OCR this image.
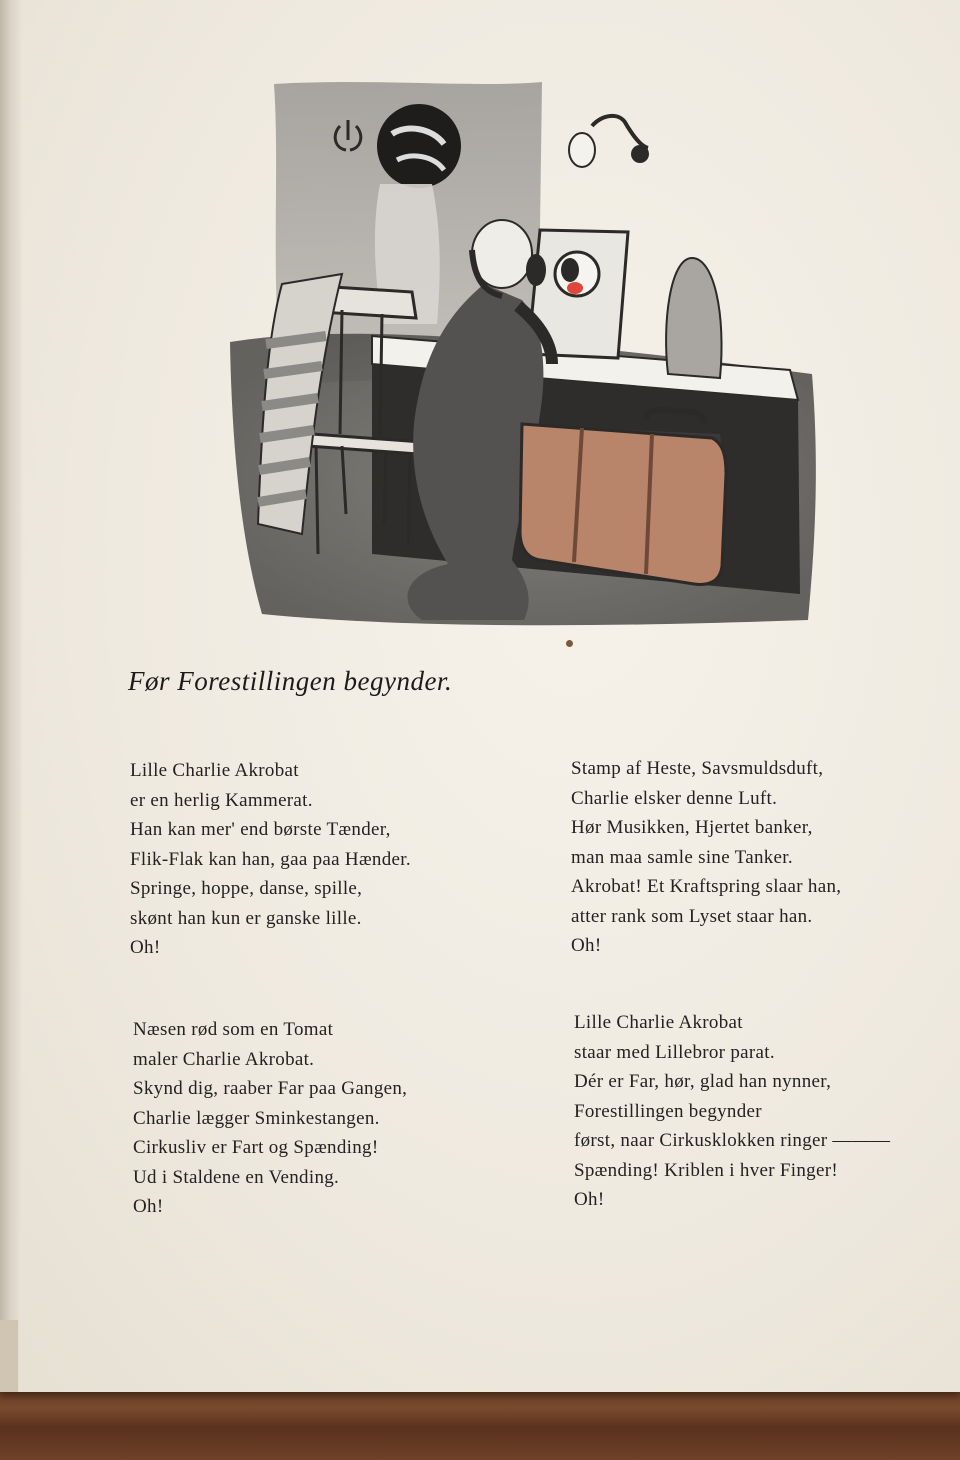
Før Forestillingen begynder.
Lille Charlie Akrobat
er en herlig Kammerat.
Han kan mer' end børste Tænder,
Flik-Flak kan han, gaa paa Hænder.
Springe, hoppe, danse, spille,
skønt han kun er ganske lille.
Oh!
Stamp af Heste, Savsmuldsduft,
Charlie elsker denne Luft.
Hør Musikken, Hjertet banker,
man maa samle sine Tanker.
Akrobat! Et Kraftspring slaar han,
atter rank som Lyset staar han.
Oh!
Næsen rød som en Tomat
maler Charlie Akrobat.
Skynd dig, raaber Far paa Gangen,
Charlie lægger Sminkestangen.
Cirkusliv er Fart og Spænding!
Ud i Staldene en Vending.
Oh!
Lille Charlie Akrobat
staar med Lillebror parat.
Dér er Far, hør, glad han nynner,
Forestillingen begynder
først, naar Cirkusklokken ringer ———
Spænding! Kriblen i hver Finger!
Oh!
